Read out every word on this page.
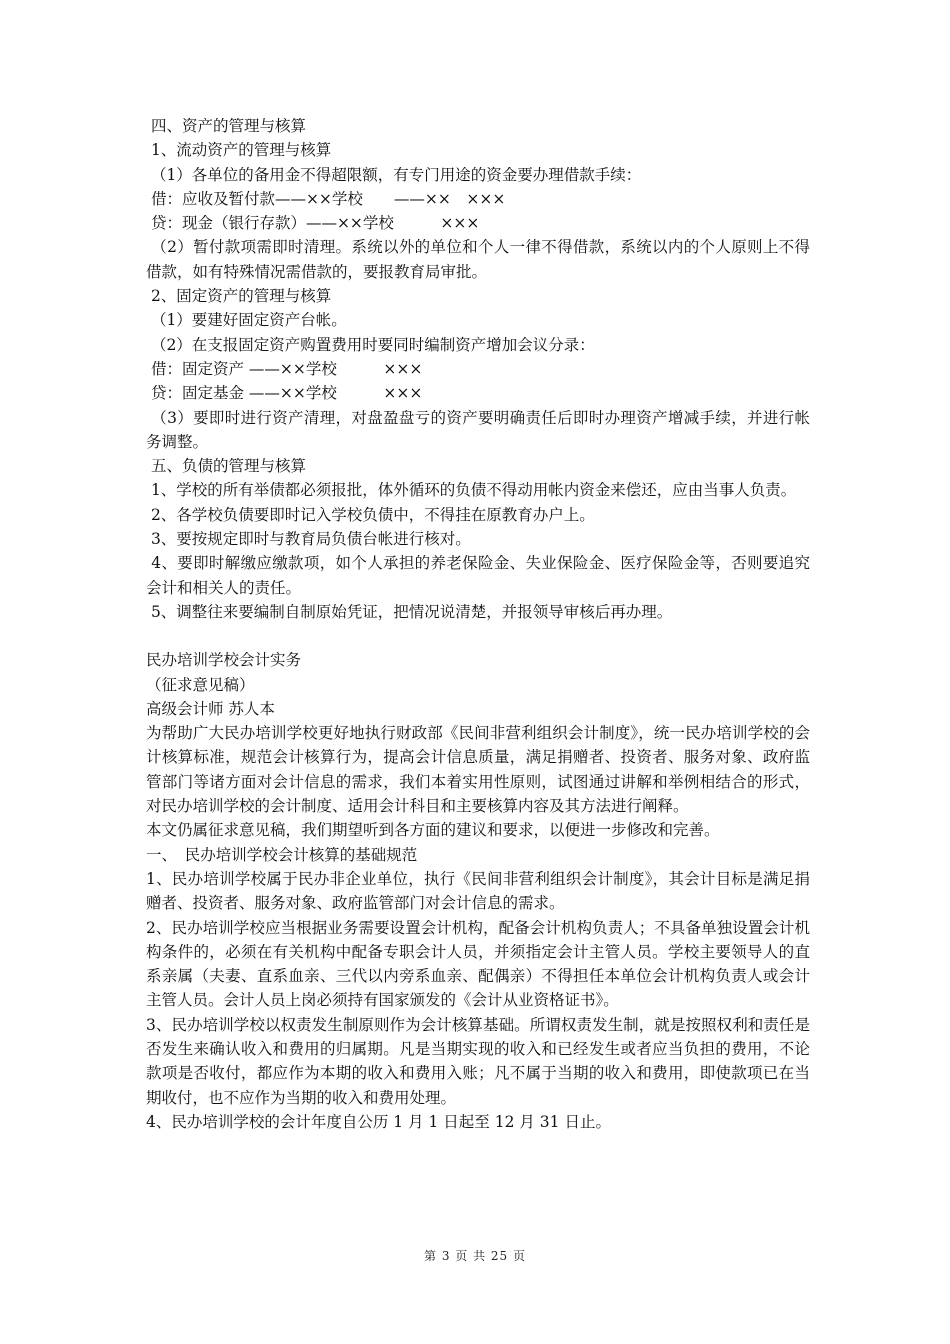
四、资产的管理与核算

1、流动资产的管理与核算

（1）各单位的备用金不得超限额，有专门用途的资金要办理借款手续：

借：应收及暂付款——××学校　　——××　×××

贷：现金（银行存款）——××学校　　　×××

（2）暂付款项需即时清理。系统以外的单位和个人一律不得借款，系统以内的个人原则上不得借款，如有特殊情况需借款的，要报教育局审批。

2、固定资产的管理与核算

（1）要建好固定资产台帐。

（2）在支报固定资产购置费用时要同时编制资产增加会议分录：

借：固定资产 ——××学校　　　×××

贷：固定基金 ——××学校　　　×××

（3）要即时进行资产清理，对盘盈盘亏的资产要明确责任后即时办理资产增减手续，并进行帐务调整。

五、负债的管理与核算

1、学校的所有举债都必须报批，体外循环的负债不得动用帐内资金来偿还，应由当事人负责。

2、各学校负债要即时记入学校负债中，不得挂在原教育办户上。

3、要按规定即时与教育局负债台帐进行核对。

4、要即时解缴应缴款项，如个人承担的养老保险金、失业保险金、医疗保险金等，否则要追究会计和相关人的责任。

5、调整往来要编制自制原始凭证，把情况说清楚，并报领导审核后再办理。

民办培训学校会计实务

（征求意见稿）

高级会计师 苏人本

为帮助广大民办培训学校更好地执行财政部《民间非营利组织会计制度》，统一民办培训学校的会计核算标准，规范会计核算行为，提高会计信息质量，满足捐赠者、投资者、服务对象、政府监管部门等诸方面对会计信息的需求，我们本着实用性原则，试图通过讲解和举例相结合的形式，对民办培训学校的会计制度、适用会计科目和主要核算内容及其方法进行阐释。

本文仍属征求意见稿，我们期望听到各方面的建议和要求，以便进一步修改和完善。

一、　民办培训学校会计核算的基础规范

1、民办培训学校属于民办非企业单位，执行《民间非营利组织会计制度》，其会计目标是满足捐赠者、投资者、服务对象、政府监管部门对会计信息的需求。

2、民办培训学校应当根据业务需要设置会计机构，配备会计机构负责人；不具备单独设置会计机构条件的，必须在有关机构中配备专职会计人员，并须指定会计主管人员。学校主要领导人的直系亲属（夫妻、直系血亲、三代以内旁系血亲、配偶亲）不得担任本单位会计机构负责人或会计主管人员。会计人员上岗必须持有国家颁发的《会计从业资格证书》。

3、民办培训学校以权责发生制原则作为会计核算基础。所谓权责发生制，就是按照权利和责任是否发生来确认收入和费用的归属期。凡是当期实现的收入和已经发生或者应当负担的费用，不论款项是否收付，都应作为本期的收入和费用入账；凡不属于当期的收入和费用，即使款项已在当期收付，也不应作为当期的收入和费用处理。

4、民办培训学校的会计年度自公历 1 月 1 日起至 12 月 31 日止。

第 3 页 共 25 页
